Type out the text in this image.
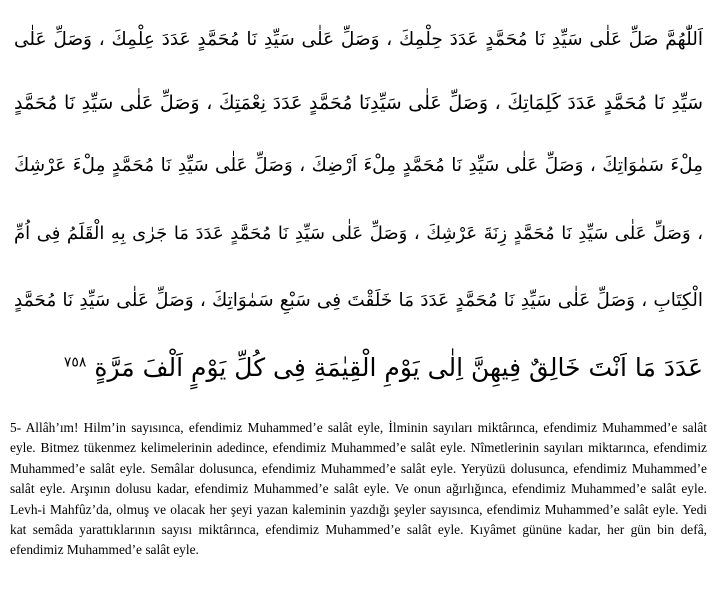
اَللّٰهُمَّ صَلِّ عَلٰى سَيِّدِ نَا مُحَمَّدٍ عَدَدَ حِلْمِكَ ، وَصَلِّ عَلٰى سَيِّدِ نَا مُحَمَّدٍ عَدَدَ عِلْمِكَ ، وَصَلِّ عَلٰى
سَيِّدِ نَا مُحَمَّدٍ عَدَدَ كَلِمَاتِكَ ، وَصَلِّ عَلٰى سَيِّدِنَا مُحَمَّدٍ عَدَدَ نِعْمَتِكَ ، وَصَلِّ عَلٰى سَيِّدِ نَا مُحَمَّدٍ
مِلْءَ سَمٰوَاتِكَ ، وَصَلِّ عَلٰى سَيِّدِ نَا مُحَمَّدٍ مِلْءَ اَرْضِكَ ، وَصَلِّ عَلٰى سَيِّدِ نَا مُحَمَّدٍ مِلْءَ عَرْشِكَ
، وَصَلِّ عَلٰى سَيِّدِ نَا مُحَمَّدٍ زِنَةَ عَرْشِكَ ، وَصَلِّ عَلٰى سَيِّدِ نَا مُحَمَّدٍ عَدَدَ مَا جَرٰى بِهِ الْقَلَمُ فِى اُمِّ
الْكِتَابِ ، وَصَلِّ عَلٰى سَيِّدِ نَا مُحَمَّدٍ عَدَدَ مَا خَلَقْتَ فِى سَبْعِ سَمٰوَاتِكَ ، وَصَلِّ عَلٰى سَيِّدِ نَا مُحَمَّدٍ
عَدَدَ مَا اَنْتَ خَالِقٌ فِيهِنَّ اِلٰى يَوْمِ الْقِيٰمَةِ فِى كُلِّ يَوْمٍ اَلْفَ مَرَّةٍ $^{٧٥٨}$

5- Allâh’ım! Hilm’in sayısınca, efendimiz Muhammed’e salât eyle, İlminin sayıları miktârınca, efendimiz Muhammed’e salât eyle. Bitmez tükenmez kelimelerinin adedince, efendimiz Muhammed’e salât eyle. Nîmetlerinin sayıları miktarınca, efendimiz Muhammed’e salât eyle. Semâlar dolusunca, efendimiz Muhammed’e salât eyle. Yeryüzü dolusunca, efendimiz Muhammed’e salât eyle. Arşının dolusu kadar, efendimiz Muhammed’e salât eyle. Ve onun ağırlığınca, efendimiz Muhammed’e salât eyle. Levh-i Mahfûz’da, olmuş ve olacak her şeyi yazan kaleminin yazdığı şeyler sayısınca, efendimiz Muhammed’e salât eyle. Yedi kat semâda yarattıklarının sayısı miktârınca, efendimiz Muhammed’e salât eyle. Kıyâmet gününe kadar, her gün bin defâ, efendimiz Muhammed’e salât eyle.
